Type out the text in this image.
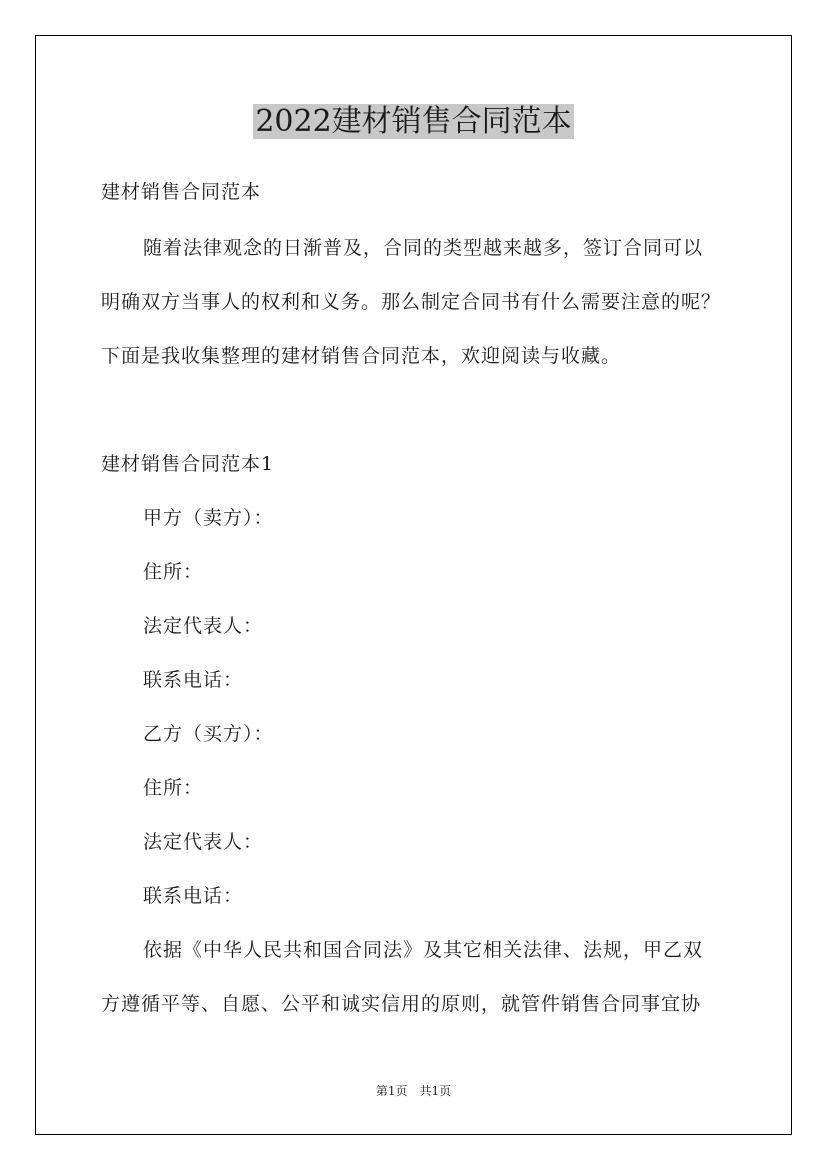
2022建材销售合同范本
建材销售合同范本
随着法律观念的日渐普及，合同的类型越来越多，签订合同可以
明确双方当事人的权利和义务。那么制定合同书有什么需要注意的呢？
下面是我收集整理的建材销售合同范本，欢迎阅读与收藏。
建材销售合同范本1
甲方（卖方）：
住所：
法定代表人：
联系电话：
乙方（买方）：
住所：
法定代表人：
联系电话：
依据《中华人民共和国合同法》及其它相关法律、法规，甲乙双
方遵循平等、自愿、公平和诚实信用的原则，就管件销售合同事宜协
第1页　共1页
